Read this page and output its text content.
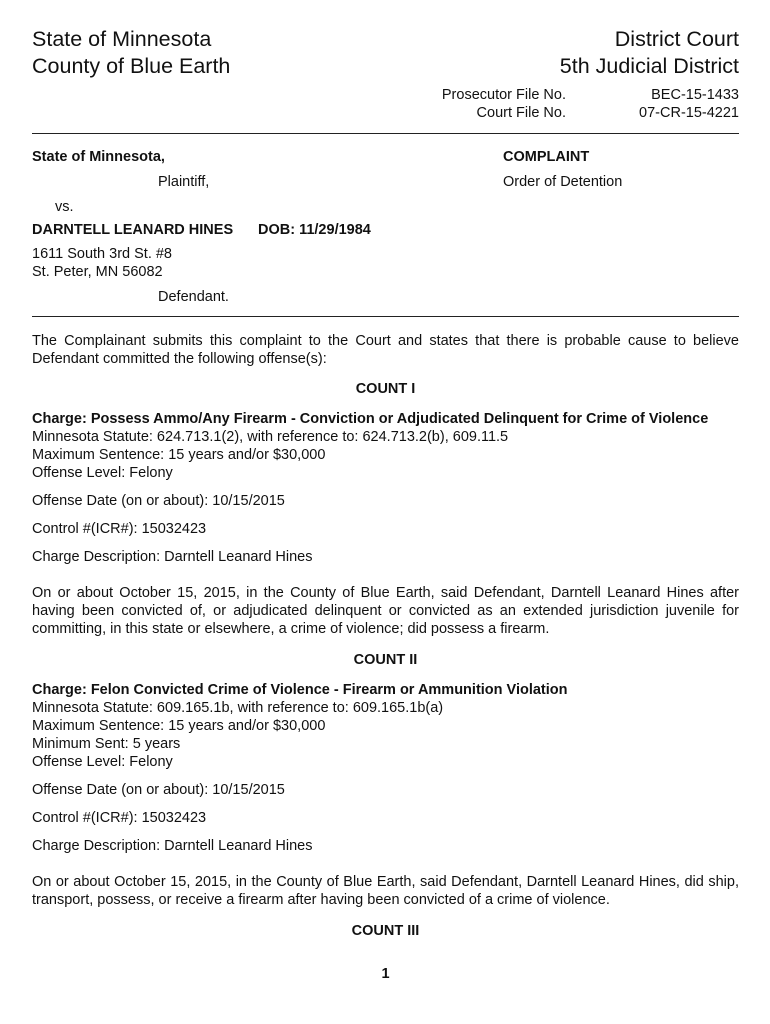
State of Minnesota
County of Blue Earth
District Court
5th Judicial District
Prosecutor File No.
Court File No.
BEC-15-1433
07-CR-15-4221
State of Minnesota,
Plaintiff,
vs.
DARNTELL LEANARD HINES DOB: 11/29/1984
1611 South 3rd St. #8
St. Peter, MN 56082
Defendant.
COMPLAINT
Order of Detention
The Complainant submits this complaint to the Court and states that there is probable cause to believe Defendant committed the following offense(s):
COUNT I
Charge: Possess Ammo/Any Firearm - Conviction or Adjudicated Delinquent for Crime of Violence
Minnesota Statute: 624.713.1(2), with reference to: 624.713.2(b), 609.11.5
Maximum Sentence: 15 years and/or $30,000
Offense Level: Felony
Offense Date (on or about): 10/15/2015
Control #(ICR#): 15032423
Charge Description: Darntell Leanard Hines
On or about October 15, 2015, in the County of Blue Earth, said Defendant, Darntell Leanard Hines after having been convicted of, or adjudicated delinquent or convicted as an extended jurisdiction juvenile for committing, in this state or elsewhere, a crime of violence; did possess a firearm.
COUNT II
Charge: Felon Convicted Crime of Violence - Firearm or Ammunition Violation
Minnesota Statute: 609.165.1b, with reference to: 609.165.1b(a)
Maximum Sentence: 15 years and/or $30,000
Minimum Sent: 5 years
Offense Level: Felony
Offense Date (on or about): 10/15/2015
Control #(ICR#): 15032423
Charge Description: Darntell Leanard Hines
On or about October 15, 2015, in the County of Blue Earth, said Defendant, Darntell Leanard Hines, did ship, transport, possess, or receive a firearm after having been convicted of a crime of violence.
COUNT III
1
